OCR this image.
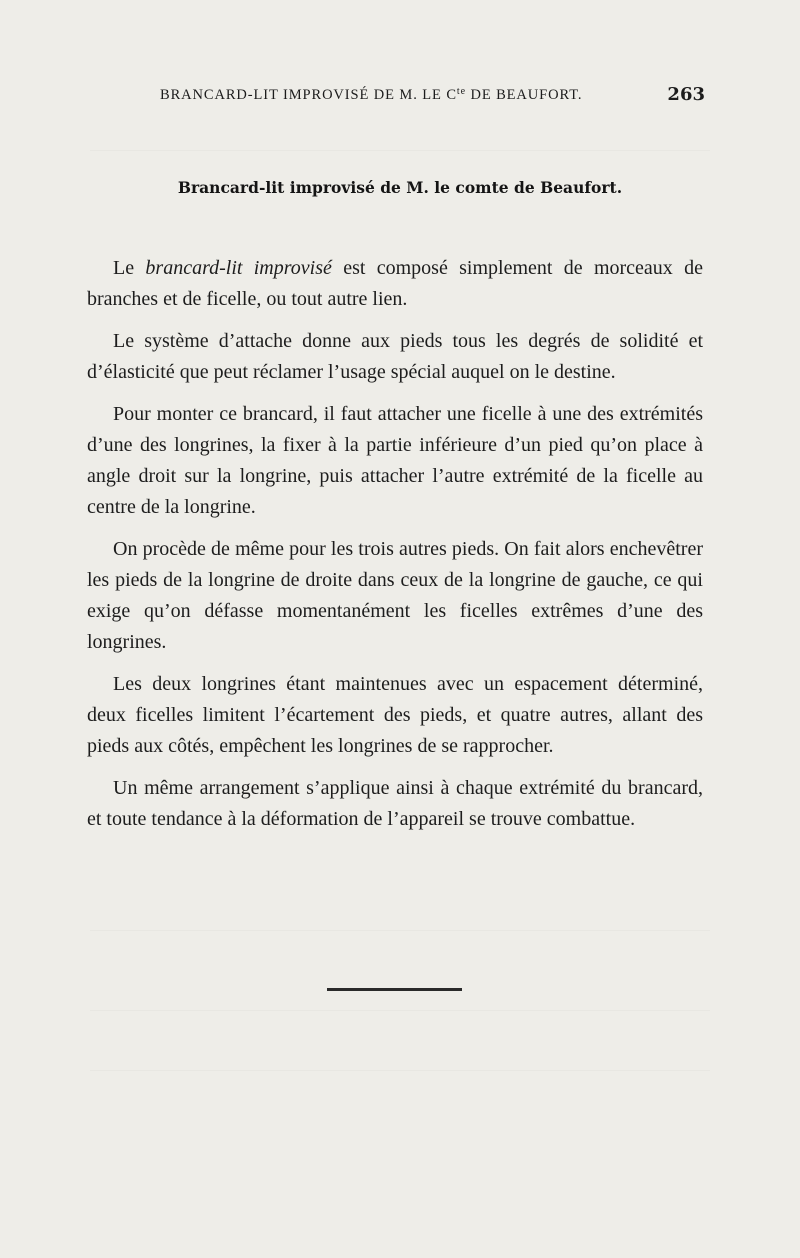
BRANCARD-LIT IMPROVISÉ DE M. LE $C^{te}$ DE BEAUFORT.	263
Brancard-lit improvisé de M. le comte de Beaufort.

Le brancard-lit improvisé est composé simplement de morceaux de branches et de ficelle, ou tout autre lien.

Le système d’attache donne aux pieds tous les degrés de solidité et d’élasticité que peut réclamer l’usage spécial auquel on le destine.

Pour monter ce brancard, il faut attacher une ficelle à une des extrémités d’une des longrines, la fixer à la partie inférieure d’un pied qu’on place à angle droit sur la longrine, puis attacher l’autre extrémité de la ficelle au centre de la longrine.

On procède de même pour les trois autres pieds. On fait alors enchevêtrer les pieds de la longrine de droite dans ceux de la longrine de gauche, ce qui exige qu’on défasse momentanément les ficelles extrêmes d’une des longrines.

Les deux longrines étant maintenues avec un espacement déterminé, deux ficelles limitent l’écartement des pieds, et quatre autres, allant des pieds aux côtés, empêchent les longrines de se rapprocher.

Un même arrangement s’applique ainsi à chaque extrémité du brancard, et toute tendance à la déformation de l’appareil se trouve combattue.
